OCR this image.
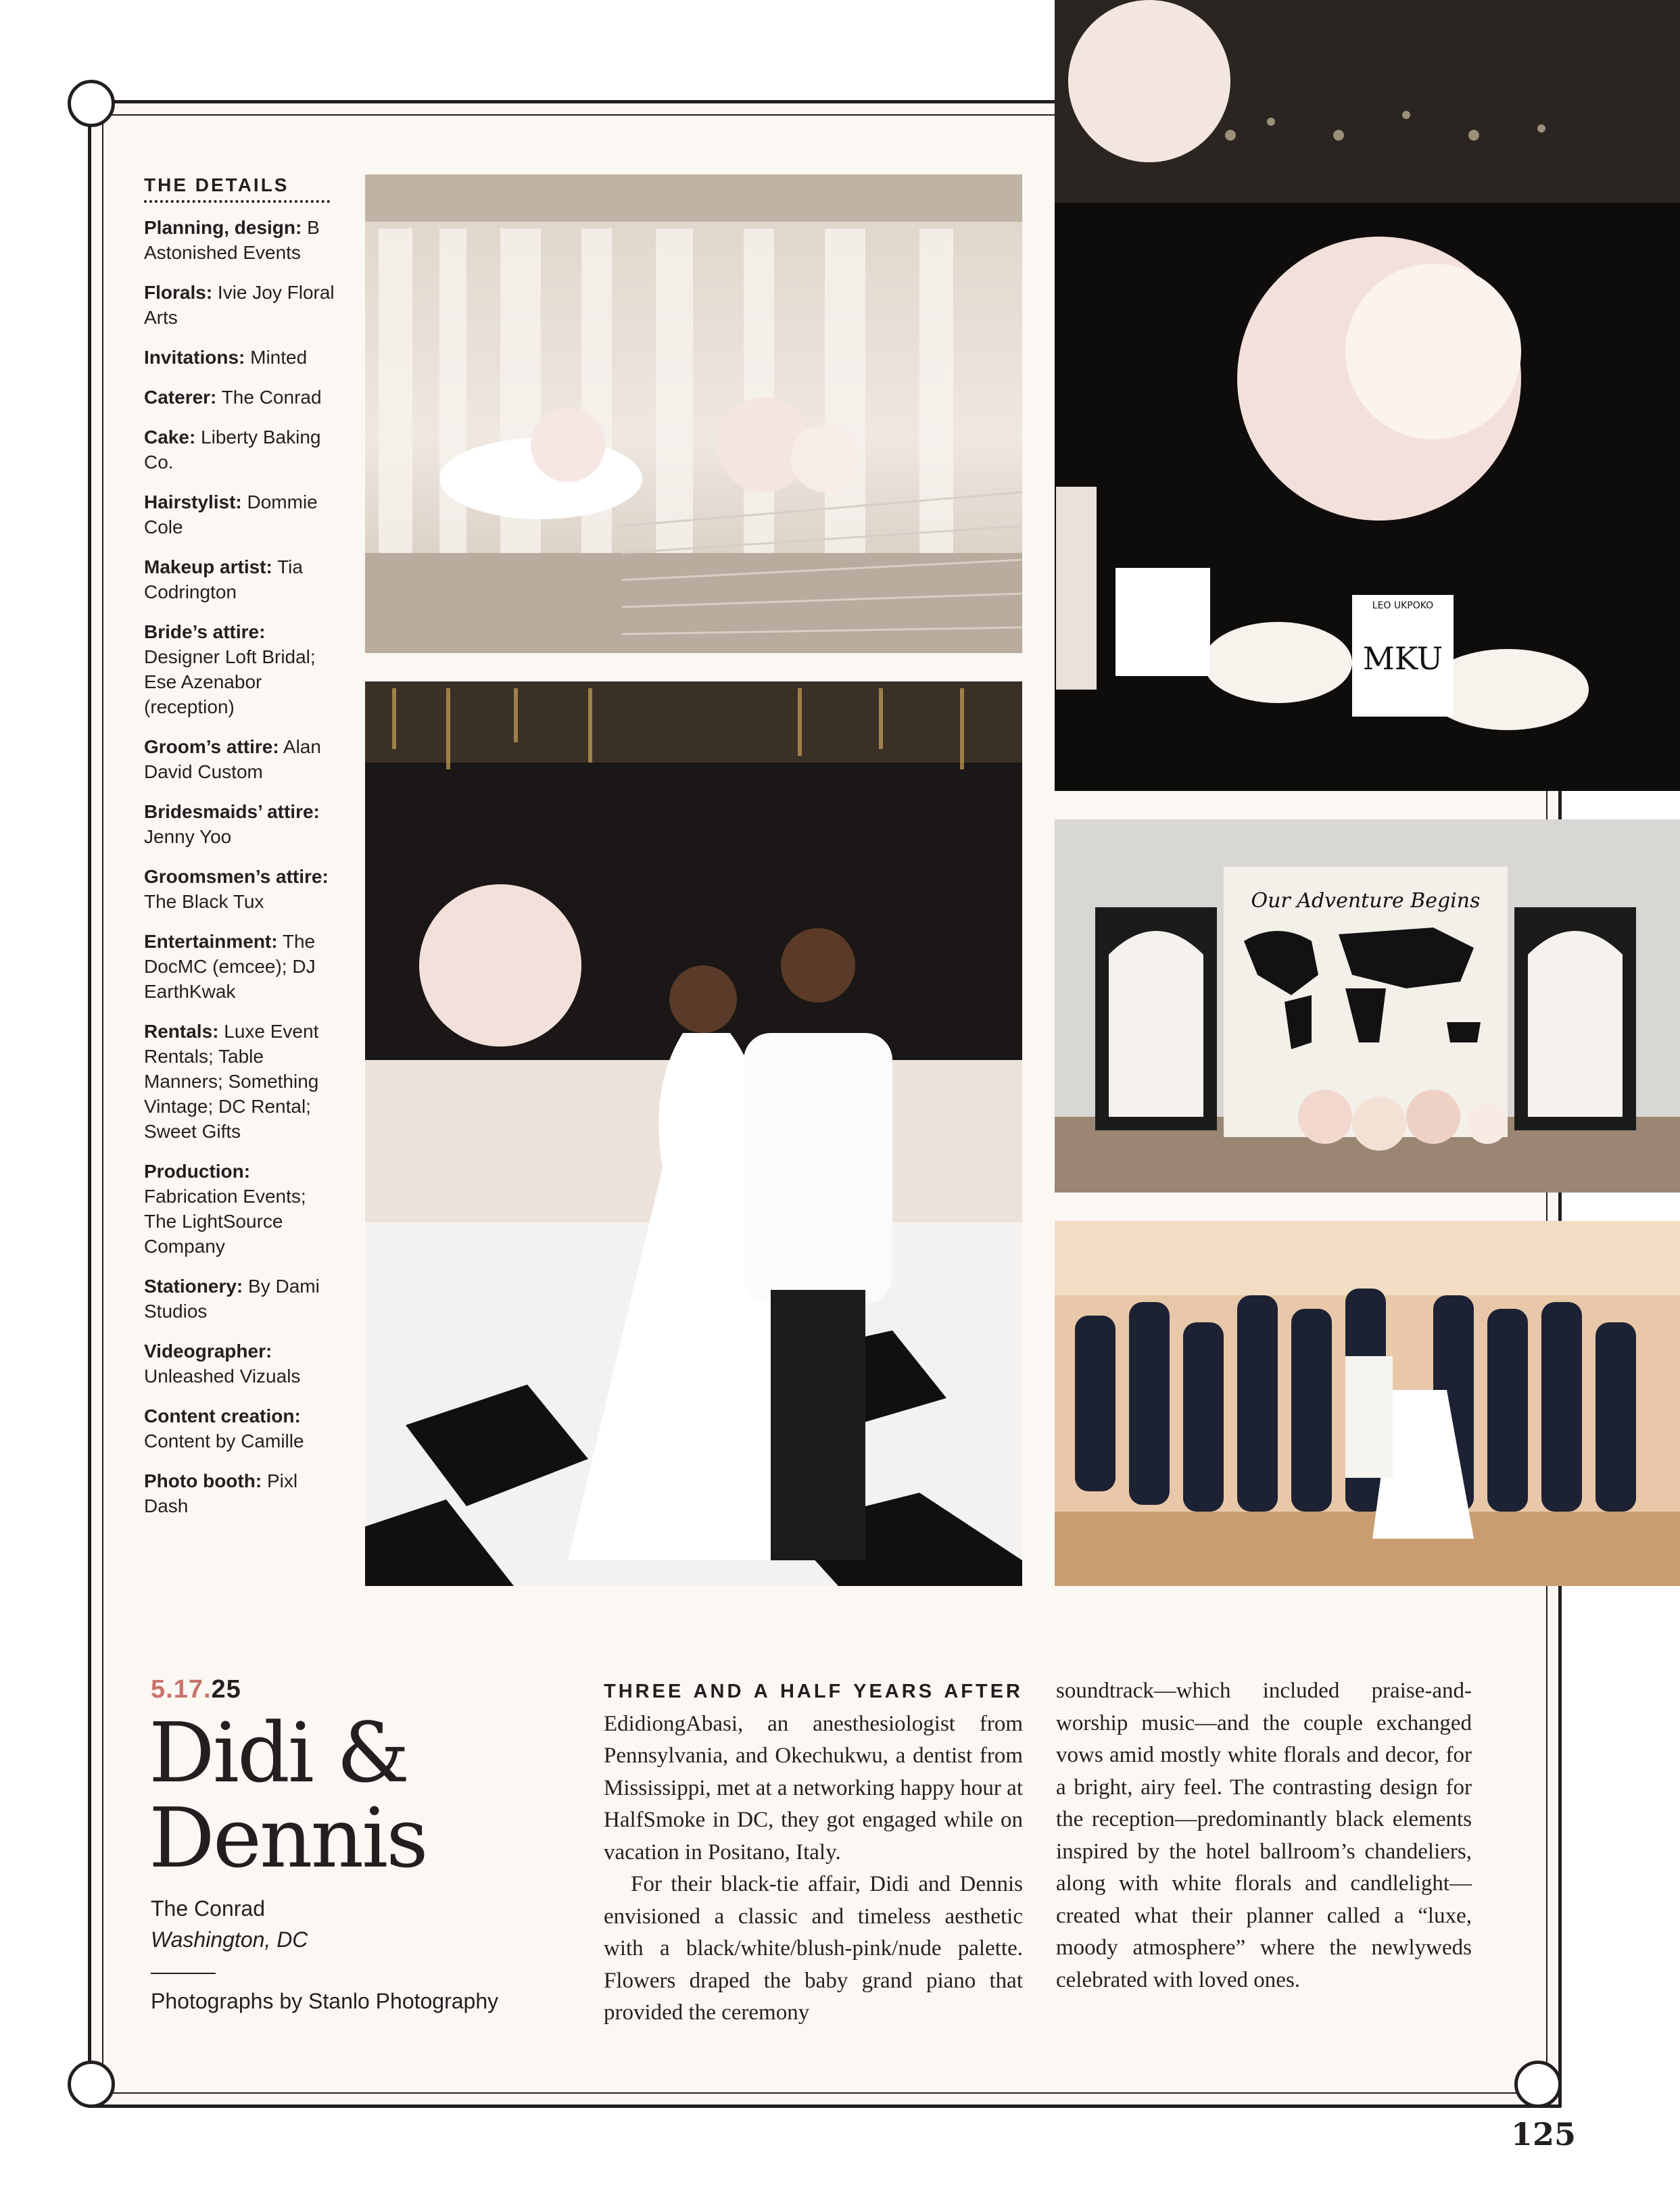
MKU
LEO UKPOKO
Our Adventure Begins
THE DETAILS
Planning, design: B Astonished Events
Florals: Ivie Joy Floral Arts
Invitations: Minted
Caterer: The Conrad
Cake: Liberty Baking Co.
Hairstylist: Dommie Cole
Makeup artist: Tia Codrington
Bride’s attire: Designer Loft Bridal; Ese Azenabor (reception)
Groom’s attire: Alan David Custom
Bridesmaids’ attire: Jenny Yoo
Groomsmen’s attire: The Black Tux
Entertainment: The DocMC (emcee); DJ EarthKwak
Rentals: Luxe Event Rentals; Table Manners; Something Vintage; DC Rental; Sweet Gifts
Production: Fabrication Events; The LightSource Company
Stationery: By Dami Studios
Videographer: Unleashed Vizuals
Content creation: Content by Camille
Photo booth: Pixl Dash
5.17.25
Didi &
Dennis
The Conrad
Washington, DC
Photographs by Stanlo Photography

THREE AND A HALF YEARS AFTER EdidiongAbasi, an anesthesiologist from Pennsylvania, and Okechukwu, a dentist from Mississippi, met at a networking happy hour at HalfSmoke in DC, they got engaged while on vacation in Positano, Italy.

For their black-tie affair, Didi and Dennis envisioned a classic and timeless aesthetic with a black/white/blush-pink/nude palette. Flowers draped the baby grand piano that provided the ceremony

soundtrack—which included praise-and-worship music—and the couple exchanged vows amid mostly white florals and decor, for a bright, airy feel. The contrasting design for the reception—predominantly black elements inspired by the hotel ballroom’s chandeliers, along with white florals and candlelight—created what their planner called a “luxe, moody atmosphere” where the newlyweds celebrated with loved ones.

125
